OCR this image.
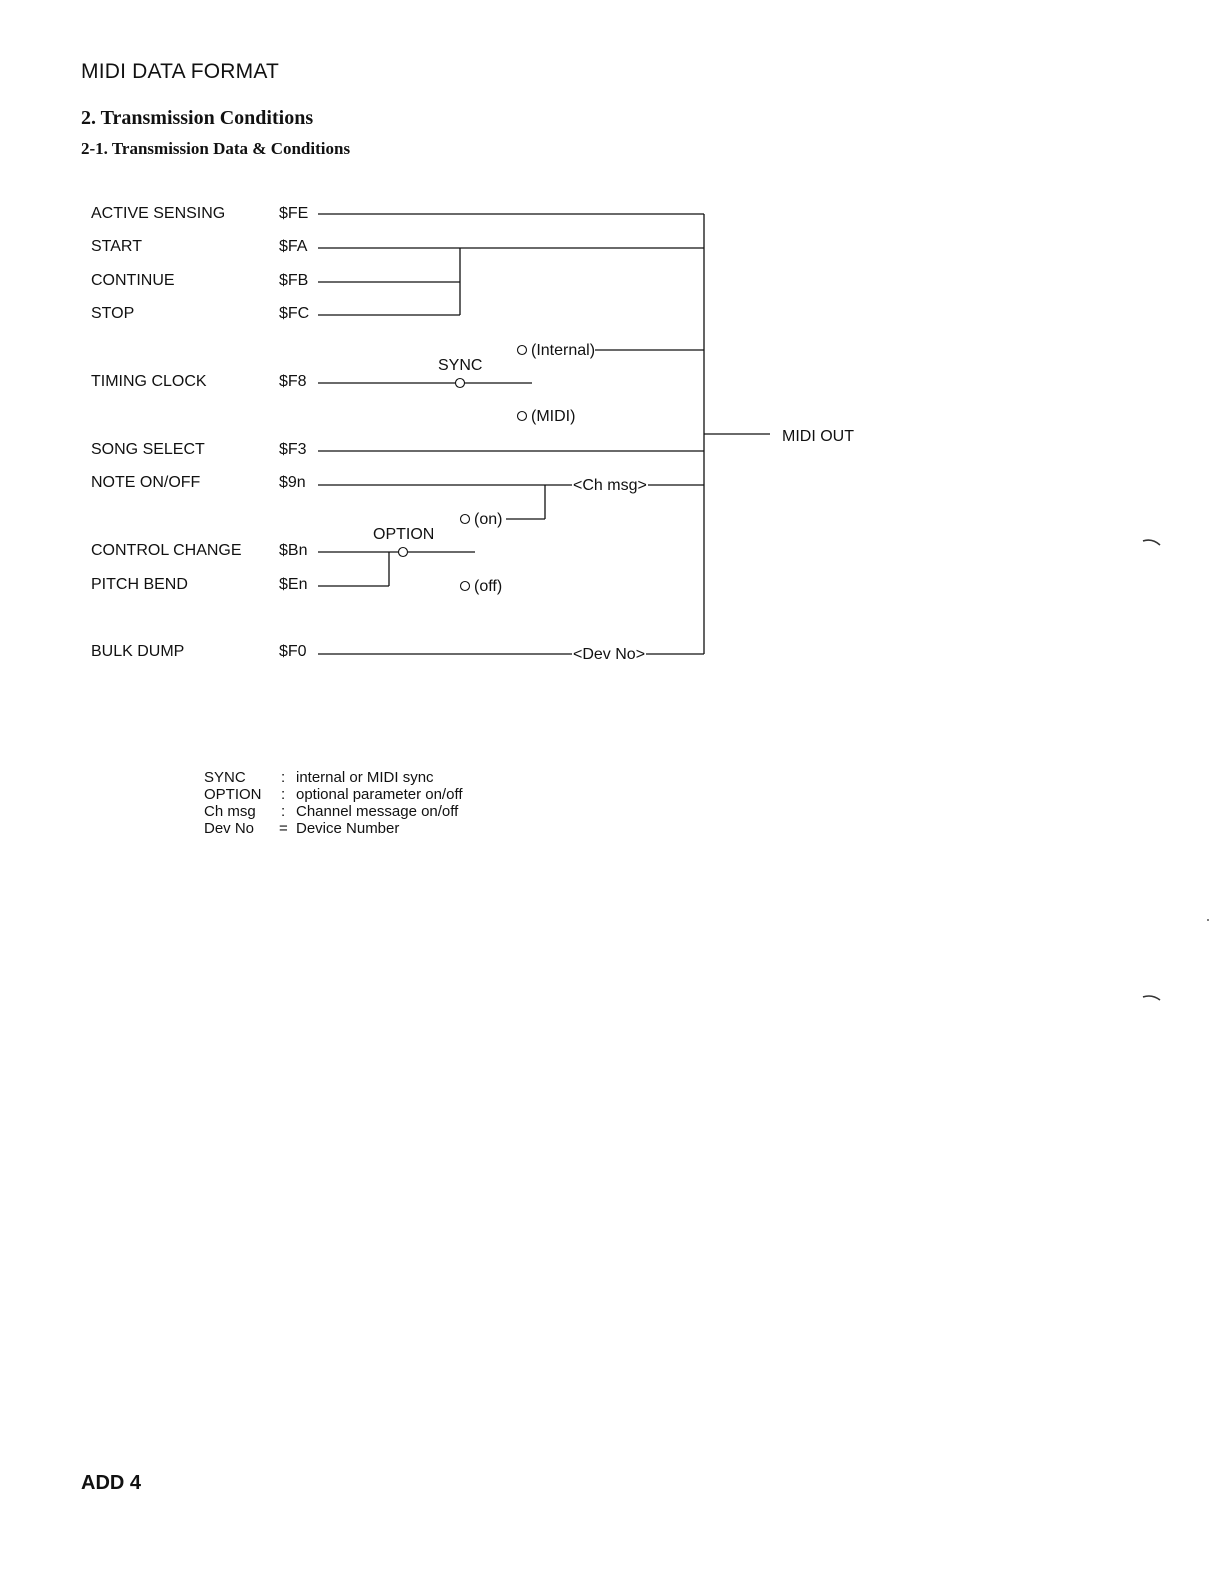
MIDI DATA FORMAT
2. Transmission Conditions
2-1. Transmission Data & Conditions
ACTIVE SENSING
START
CONTINUE
STOP
TIMING CLOCK
SONG SELECT
NOTE ON/OFF
CONTROL CHANGE
PITCH BEND
BULK DUMP
$FE
$FA
$FB
$FC
$F8
$F3
$9n
$Bn
$En
$F0
SYNC
(Internal)
(MIDI)
OPTION
(on)
(off)
<Ch msg>
<Dev No>
MIDI OUT
SYNC : internal or MIDI sync
OPTION : optional parameter on/off
Ch msg : Channel message on/off
Dev No = Device Number
ADD 4
